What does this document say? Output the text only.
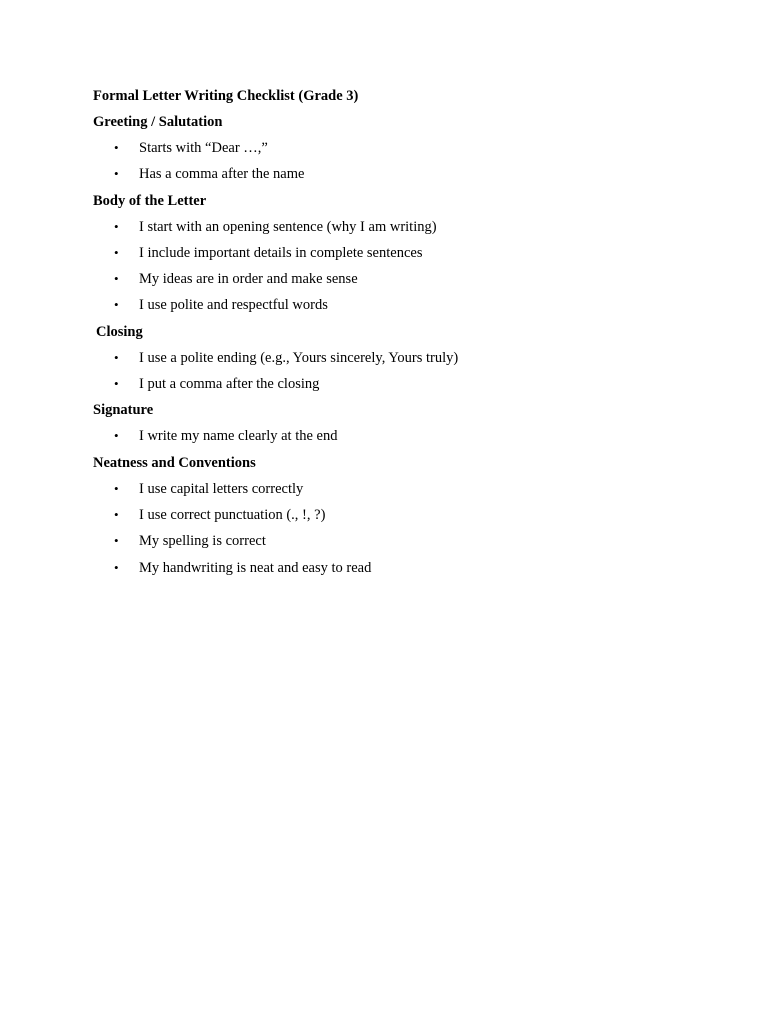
Formal Letter Writing Checklist (Grade 3)
Greeting / Salutation
• Starts with “Dear …,”
• Has a comma after the name
Body of the Letter
• I start with an opening sentence (why I am writing)
• I include important details in complete sentences
• My ideas are in order and make sense
• I use polite and respectful words
Closing
• I use a polite ending (e.g., Yours sincerely, Yours truly)
• I put a comma after the closing
Signature
• I write my name clearly at the end
Neatness and Conventions
• I use capital letters correctly
• I use correct punctuation (., !, ?)
• My spelling is correct
• My handwriting is neat and easy to read
